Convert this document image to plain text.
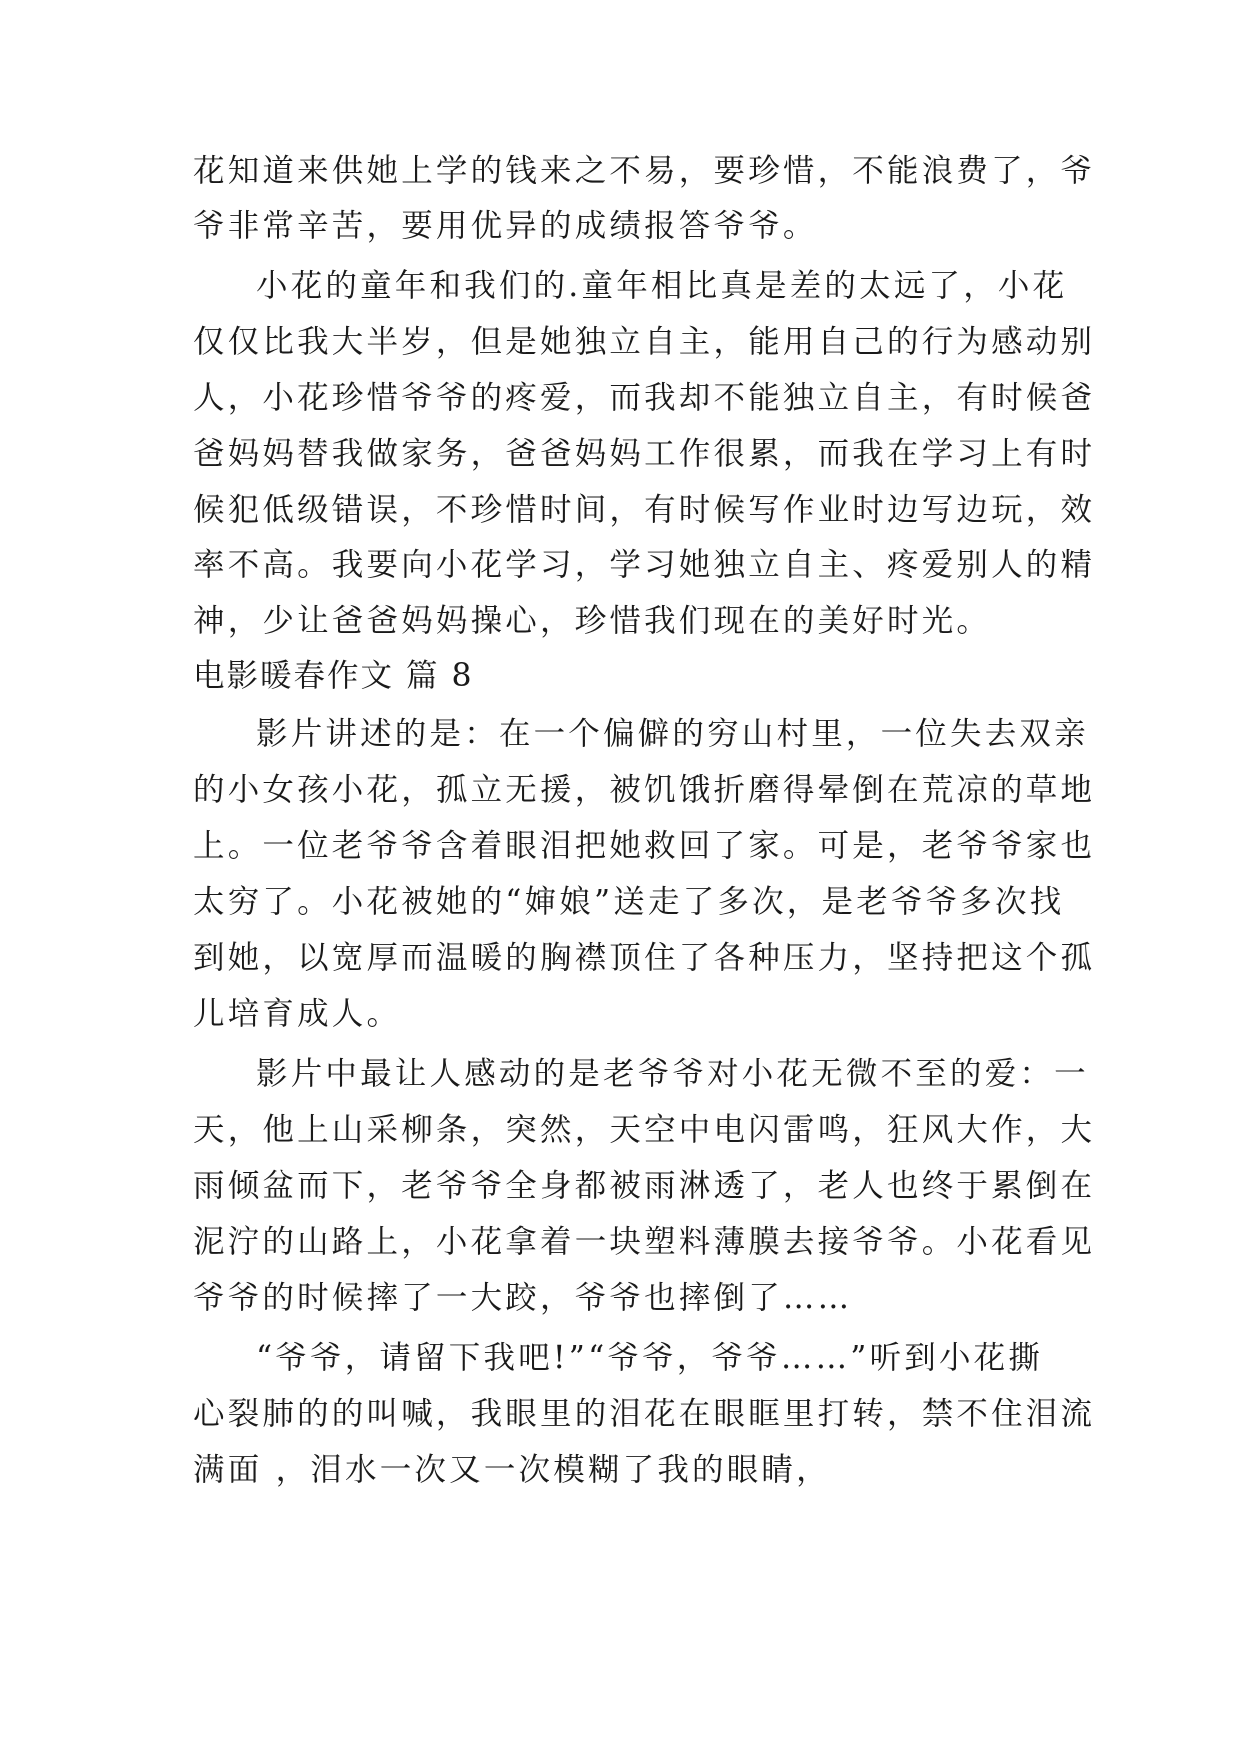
花知道来供她上学的钱来之不易，要珍惜，不能浪费了，爷
爷非常辛苦，要用优异的成绩报答爷爷。
小花的童年和我们的.童年相比真是差的太远了，小花
仅仅比我大半岁，但是她独立自主，能用自己的行为感动别
人，小花珍惜爷爷的疼爱，而我却不能独立自主，有时候爸
爸妈妈替我做家务，爸爸妈妈工作很累，而我在学习上有时
候犯低级错误，不珍惜时间，有时候写作业时边写边玩，效
率不高。我要向小花学习，学习她独立自主、疼爱别人的精
神，少让爸爸妈妈操心，珍惜我们现在的美好时光。
电影暖春作文 篇 8
影片讲述的是：在一个偏僻的穷山村里，一位失去双亲
的小女孩小花，孤立无援，被饥饿折磨得晕倒在荒凉的草地
上。一位老爷爷含着眼泪把她救回了家。可是，老爷爷家也
太穷了。小花被她的“婶娘”送走了多次，是老爷爷多次找
到她，以宽厚而温暖的胸襟顶住了各种压力，坚持把这个孤
儿培育成人。
影片中最让人感动的是老爷爷对小花无微不至的爱：一
天，他上山采柳条，突然，天空中电闪雷鸣，狂风大作，大
雨倾盆而下，老爷爷全身都被雨淋透了，老人也终于累倒在
泥泞的山路上，小花拿着一块塑料薄膜去接爷爷。小花看见
爷爷的时候摔了一大跤，爷爷也摔倒了……
“爷爷，请留下我吧!”“爷爷，爷爷……”听到小花撕
心裂肺的的叫喊，我眼里的泪花在眼眶里打转，禁不住泪流
满面 ，泪水一次又一次模糊了我的眼睛，
